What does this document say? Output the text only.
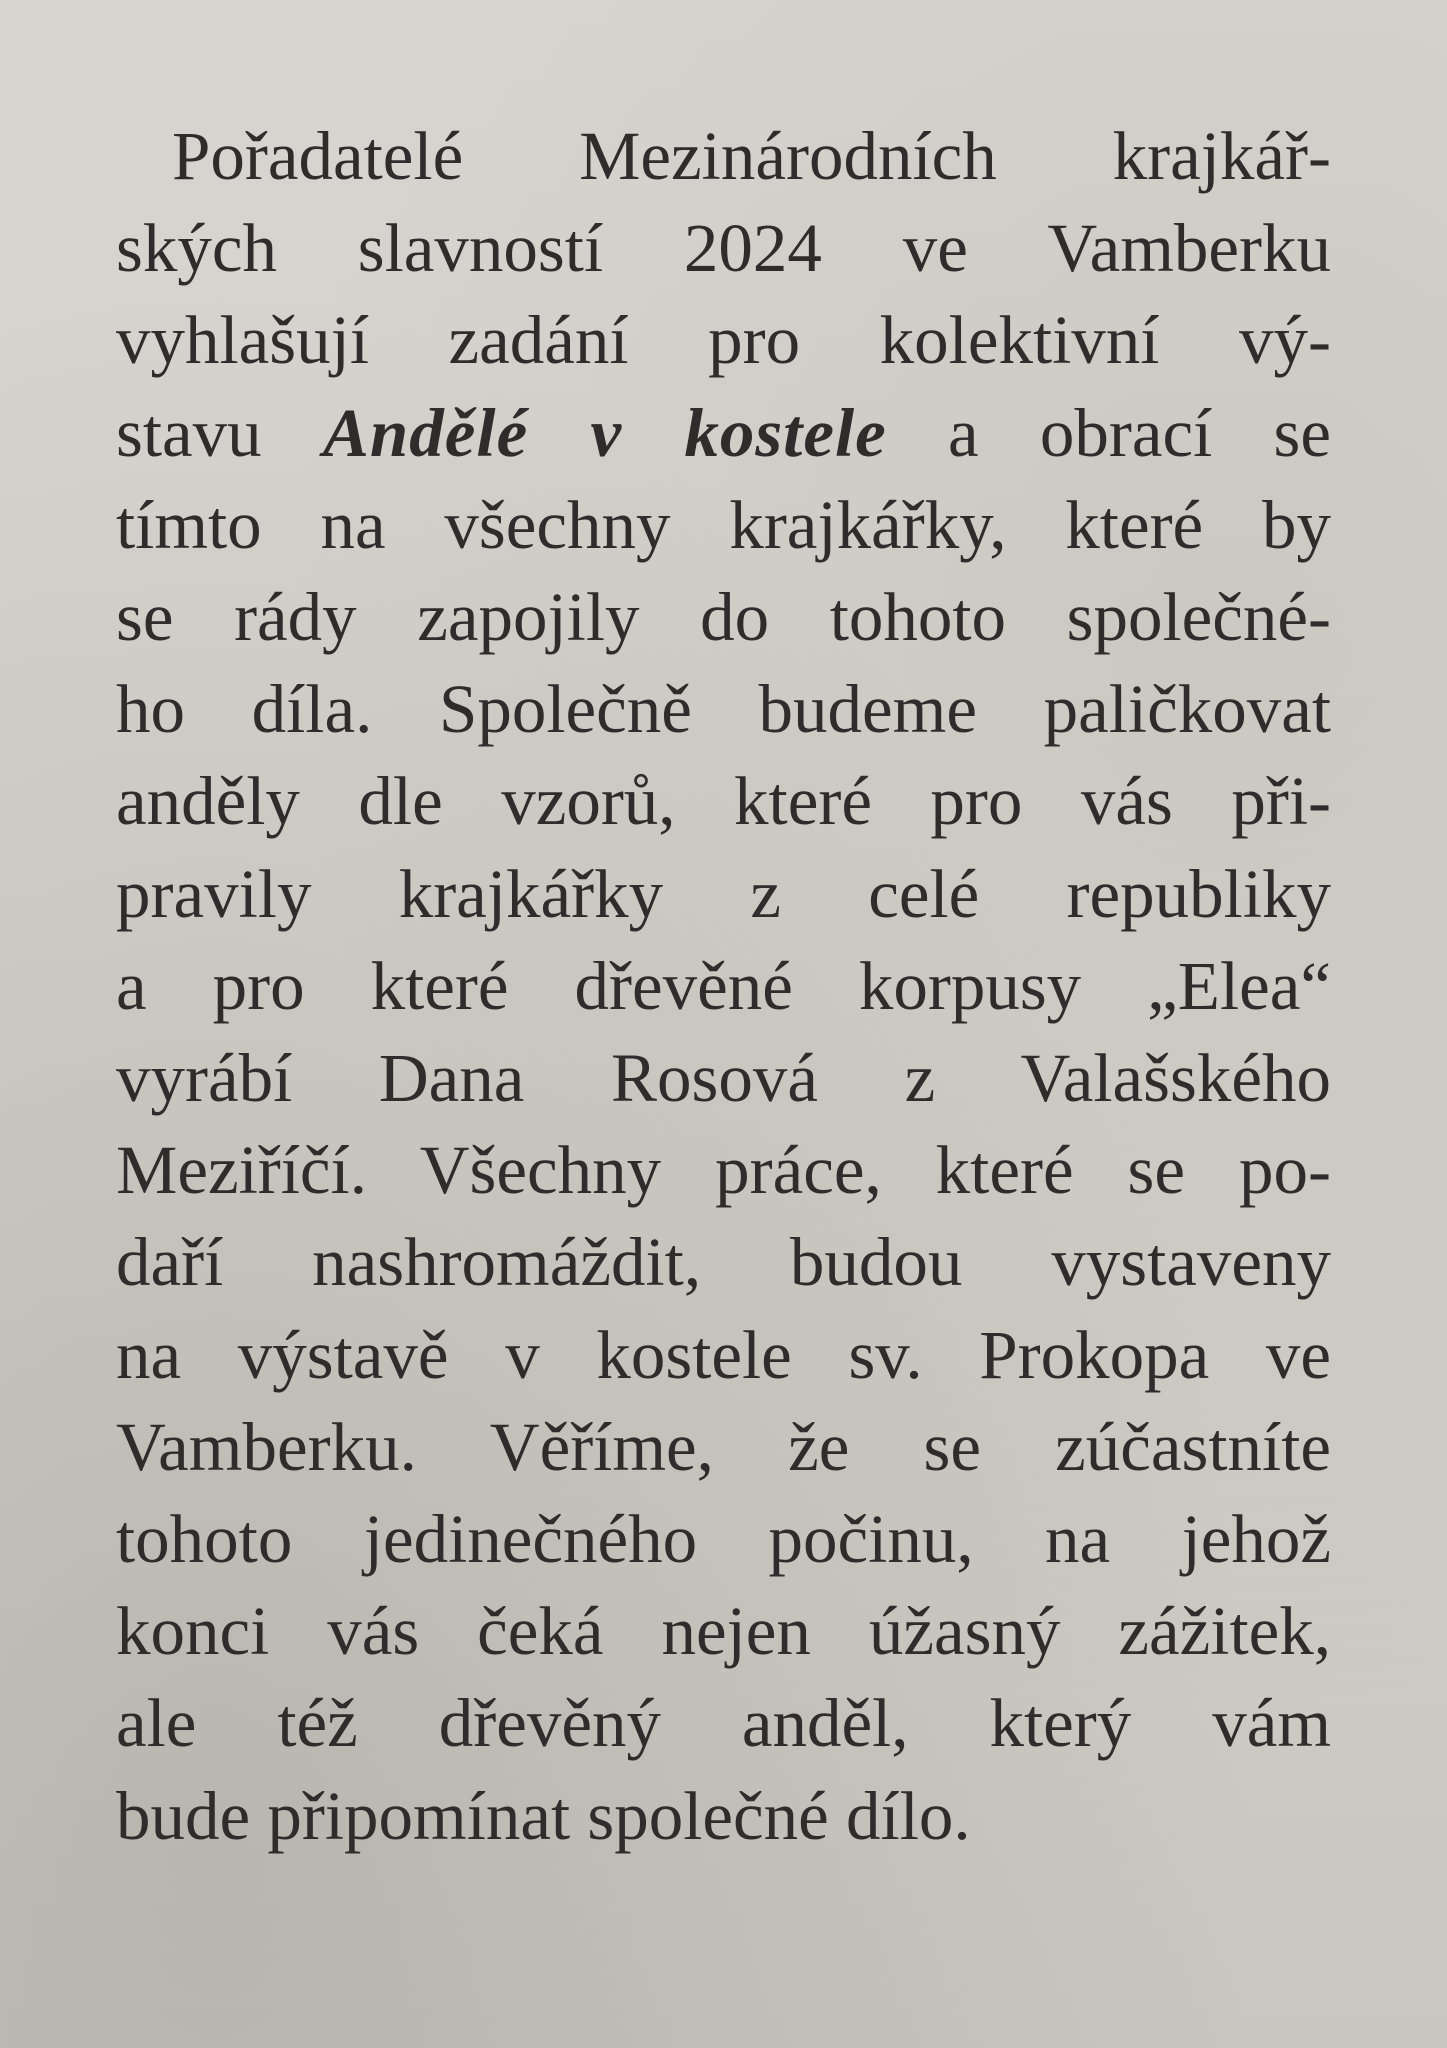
Pořadatelé Mezinárodních krajkář-
ských slavností 2024 ve Vamberku
vyhlašují zadání pro kolektivní vý-
stavu Andělé v kostele a obrací se
tímto na všechny krajkářky, které by
se rády zapojily do tohoto společné-
ho díla. Společně budeme paličkovat
anděly dle vzorů, které pro vás při-
pravily krajkářky z celé republiky
a pro které dřevěné korpusy „Elea“
vyrábí Dana Rosová z Valašského
Meziříčí. Všechny práce, které se po-
daří nashromáždit, budou vystaveny
na výstavě v kostele sv. Prokopa ve
Vamberku. Věříme, že se zúčastníte
tohoto jedinečného počinu, na jehož
konci vás čeká nejen úžasný zážitek,
ale též dřevěný anděl, který vám
bude připomínat společné dílo.
